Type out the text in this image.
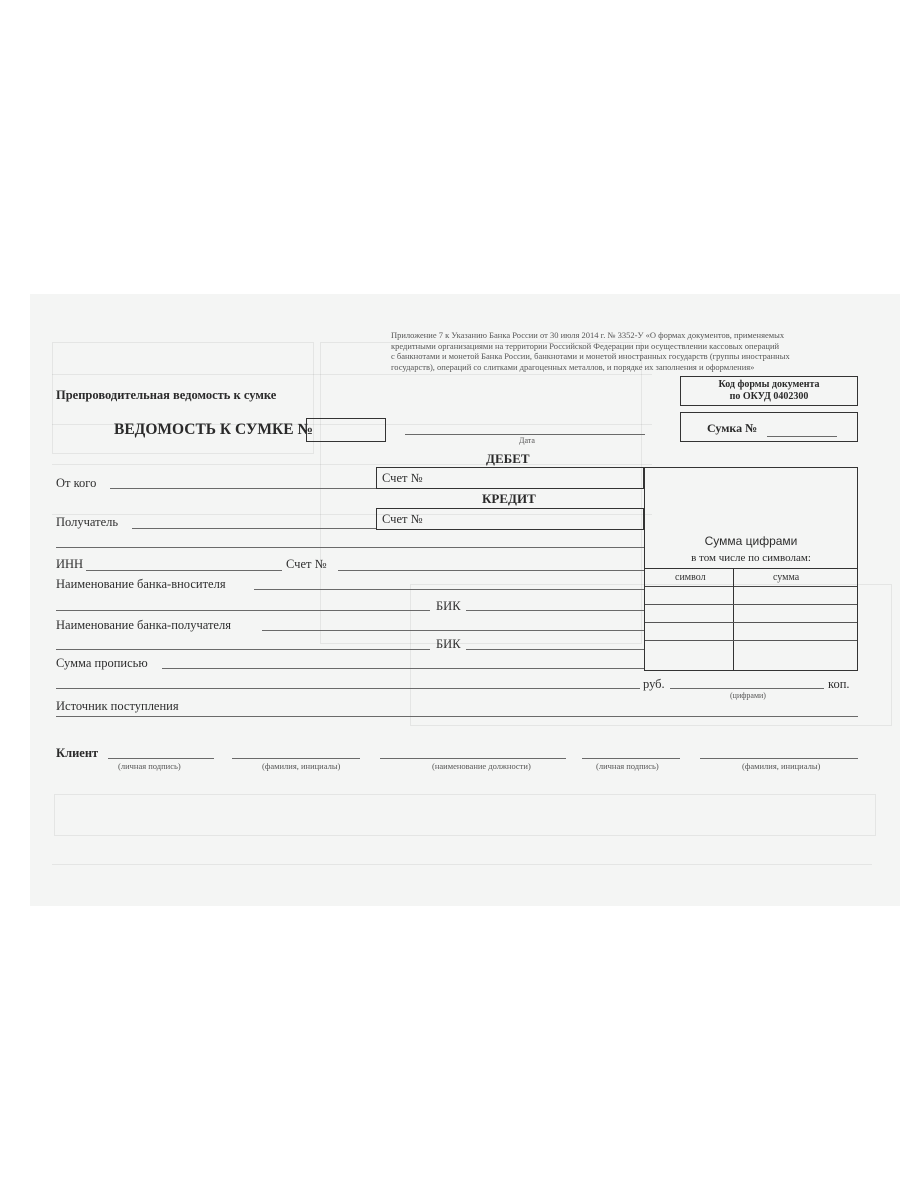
Приложение 7 к Указанию Банка России от 30 июля 2014 г. № 3352-У «О формах документов, применяемых
кредитными организациями на территории Российской Федерации при осуществлении кассовых операций
с банкнотами и монетой Банка России, банкнотами и монетой иностранных государств (группы иностранных
государств), операций со слитками драгоценных металлов, и порядке их заполнения и оформления»
Код формы документа
по ОКУД 0402300
Сумка №
Препроводительная ведомость к сумке
ВЕДОМОСТЬ К СУМКЕ №
Дата
ДЕБЕТ
Счет №
КРЕДИТ
Счет №
Сумма цифрами
в том числе по символам:
символ	сумма
От кого
Получатель
ИНН	Счет №
Наименование банка-вносителя
БИК
Наименование банка-получателя
БИК
Сумма прописью
руб.
(цифрами)
коп.
Источник поступления
Клиент
(личная подпись)	(фамилия, инициалы)	(наименование должности)	(личная подпись)	(фамилия, инициалы)
